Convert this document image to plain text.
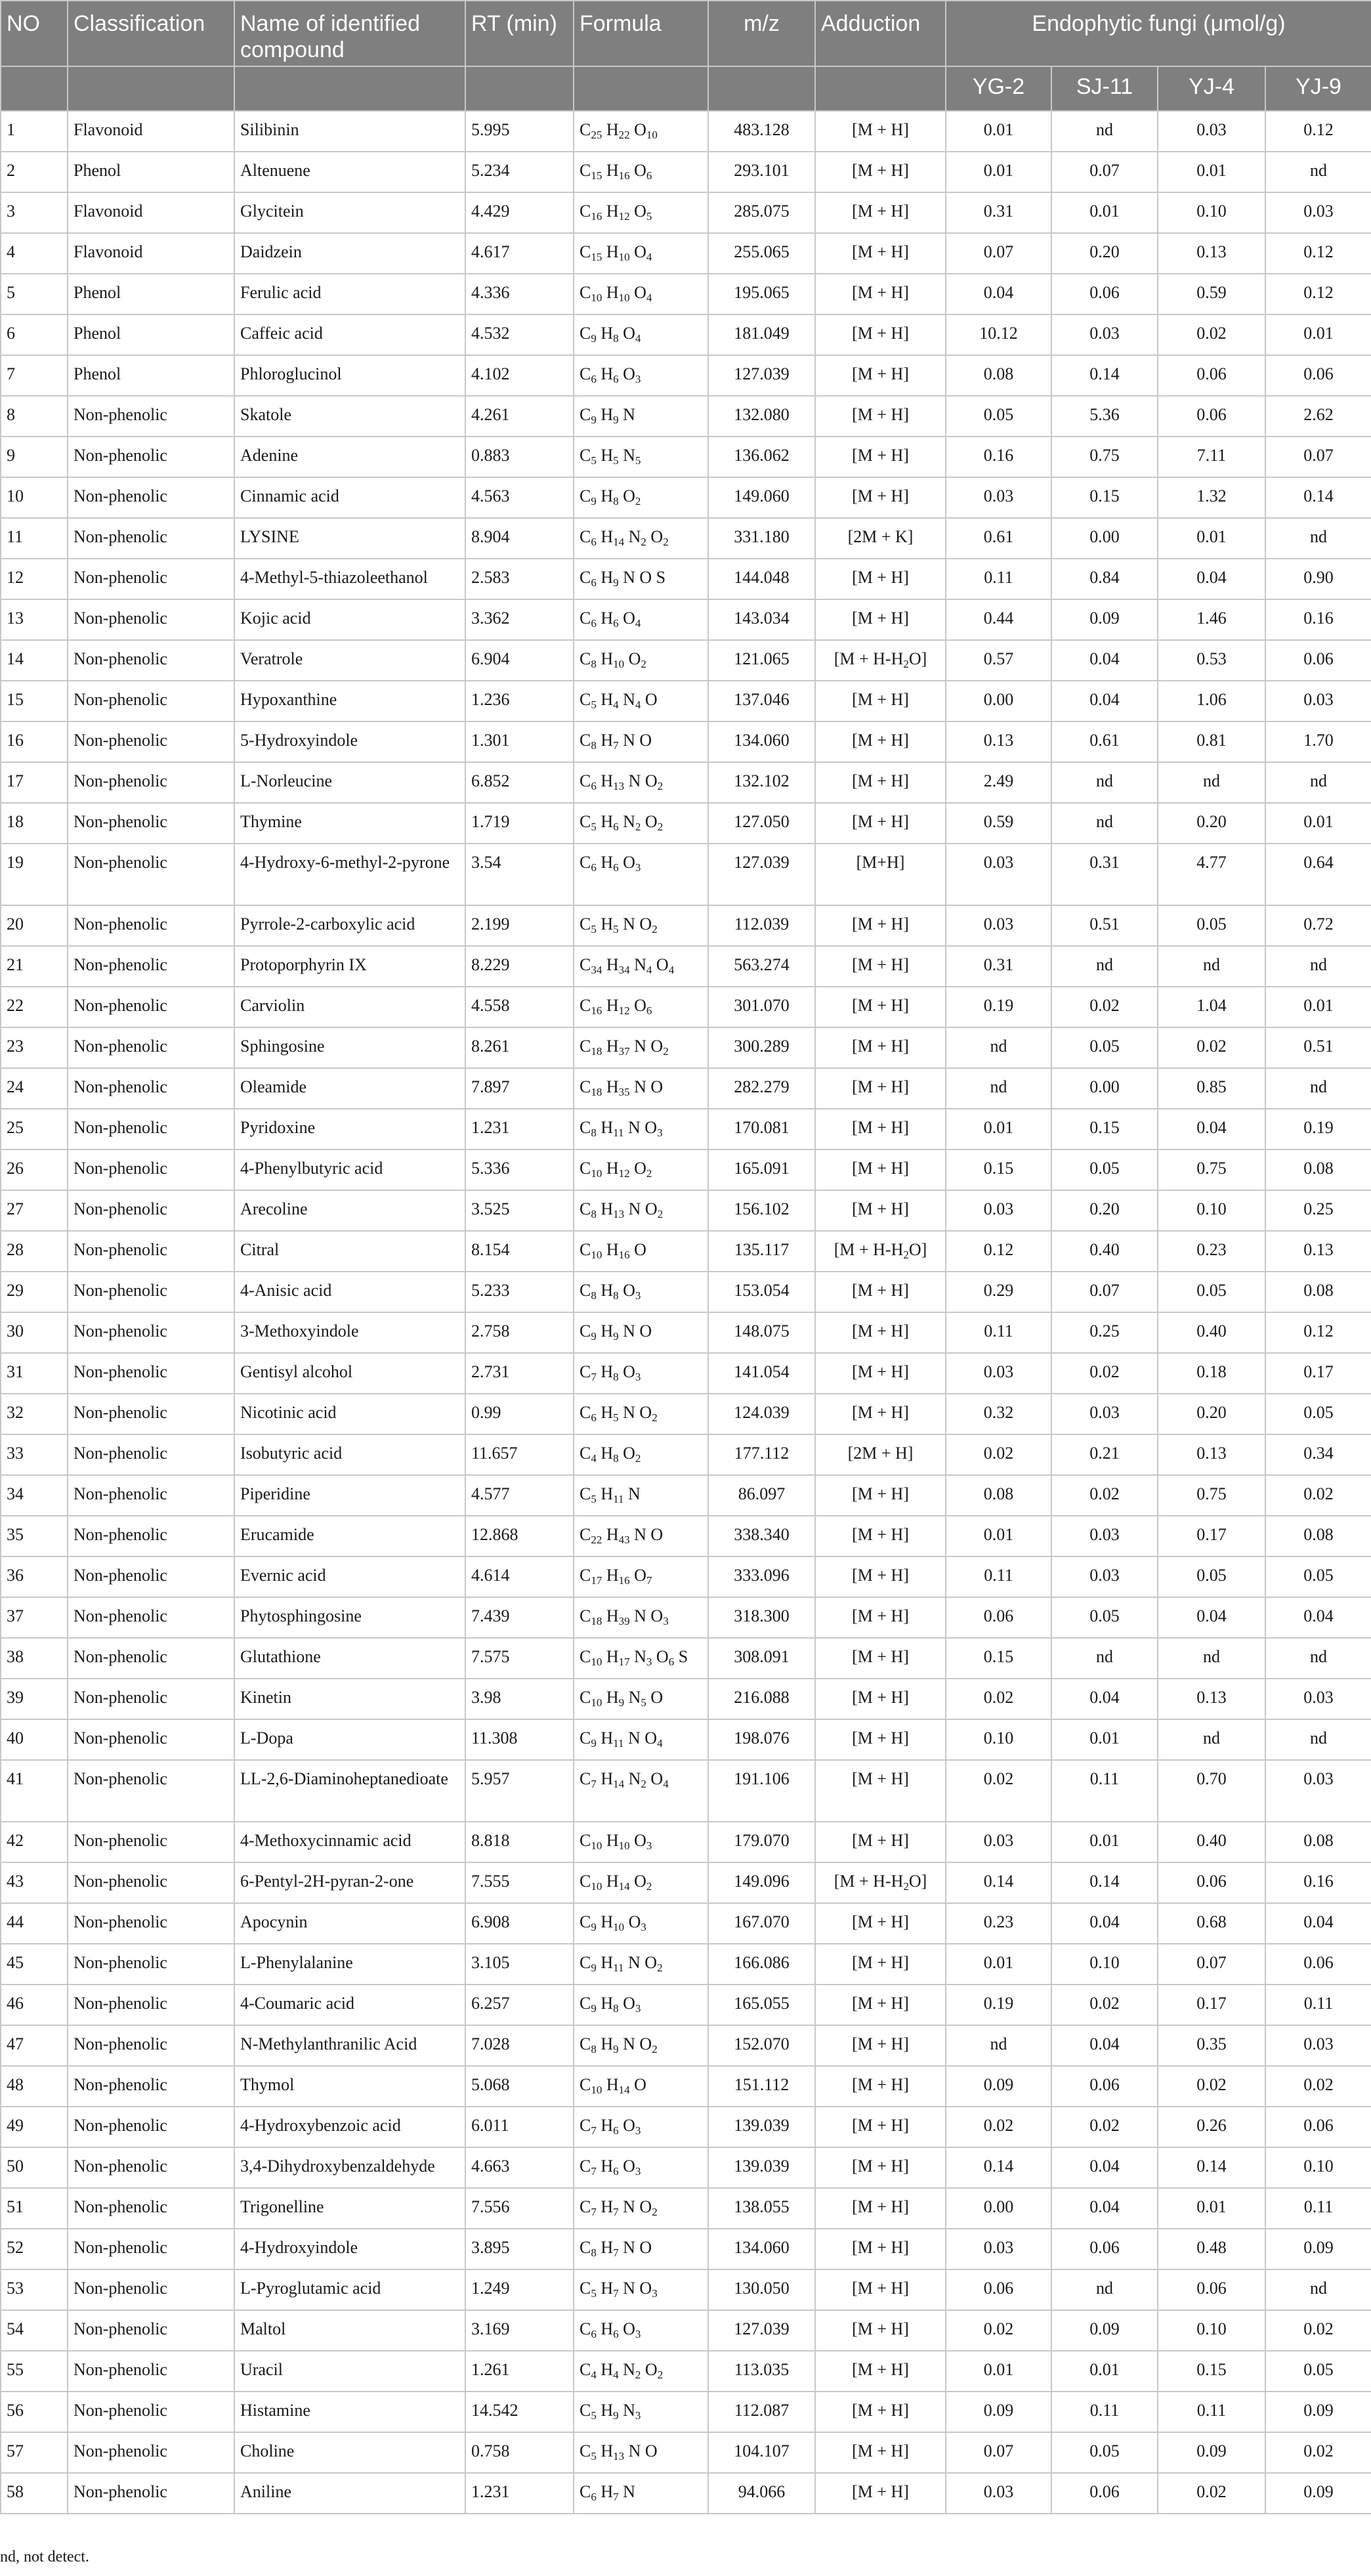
NO	Classification	Name of identified compound	RT (min)	Formula	m/z	Adduction	Endophytic fungi (μmol/g)			
							YG-2	SJ-11	YJ-4	YJ-9
1	Flavonoid	Silibinin	5.995	$C_{25}$ $H_{22}$ $O_{10}$	483.128	[M + H]	0.01	nd	0.03	0.12
2	Phenol	Altenuene	5.234	$C_{15}$ $H_{16}$ $O_6$	293.101	[M + H]	0.01	0.07	0.01	nd
3	Flavonoid	Glycitein	4.429	$C_{16}$ $H_{12}$ $O_5$	285.075	[M + H]	0.31	0.01	0.10	0.03
4	Flavonoid	Daidzein	4.617	$C_{15}$ $H_{10}$ $O_4$	255.065	[M + H]	0.07	0.20	0.13	0.12
5	Phenol	Ferulic acid	4.336	$C_{10}$ $H_{10}$ $O_4$	195.065	[M + H]	0.04	0.06	0.59	0.12
6	Phenol	Caffeic acid	4.532	$C_9$ $H_8$ $O_4$	181.049	[M + H]	10.12	0.03	0.02	0.01
7	Phenol	Phloroglucinol	4.102	$C_6$ $H_6$ $O_3$	127.039	[M + H]	0.08	0.14	0.06	0.06
8	Non-phenolic	Skatole	4.261	$C_9$ $H_9$ N	132.080	[M + H]	0.05	5.36	0.06	2.62
9	Non-phenolic	Adenine	0.883	$C_5$ $H_5$ $N_5$	136.062	[M + H]	0.16	0.75	7.11	0.07
10	Non-phenolic	Cinnamic acid	4.563	$C_9$ $H_8$ $O_2$	149.060	[M + H]	0.03	0.15	1.32	0.14
11	Non-phenolic	LYSINE	8.904	$C_6$ $H_{14}$ $N_2$ $O_2$	331.180	[2M + K]	0.61	0.00	0.01	nd
12	Non-phenolic	4-Methyl-5-thiazoleethanol	2.583	$C_6$ $H_9$ N O S	144.048	[M + H]	0.11	0.84	0.04	0.90
13	Non-phenolic	Kojic acid	3.362	$C_6$ $H_6$ $O_4$	143.034	[M + H]	0.44	0.09	1.46	0.16
14	Non-phenolic	Veratrole	6.904	$C_8$ $H_{10}$ $O_2$	121.065	$[M + H-H_2O]$	0.57	0.04	0.53	0.06
15	Non-phenolic	Hypoxanthine	1.236	$C_5$ $H_4$ $N_4$ O	137.046	[M + H]	0.00	0.04	1.06	0.03
16	Non-phenolic	5-Hydroxyindole	1.301	$C_8$ $H_7$ N O	134.060	[M + H]	0.13	0.61	0.81	1.70
17	Non-phenolic	L-Norleucine	6.852	$C_6$ $H_{13}$ N $O_2$	132.102	[M + H]	2.49	nd	nd	nd
18	Non-phenolic	Thymine	1.719	$C_5$ $H_6$ $N_2$ $O_2$	127.050	[M + H]	0.59	nd	0.20	0.01
19	Non-phenolic	4-Hydroxy-6-methyl-2-pyrone	3.54	$C_6$ $H_6$ $O_3$	127.039	[M+H]	0.03	0.31	4.77	0.64
20	Non-phenolic	Pyrrole-2-carboxylic acid	2.199	$C_5$ $H_5$ N $O_2$	112.039	[M + H]	0.03	0.51	0.05	0.72
21	Non-phenolic	Protoporphyrin IX	8.229	$C_{34}$ $H_{34}$ $N_4$ $O_4$	563.274	[M + H]	0.31	nd	nd	nd
22	Non-phenolic	Carviolin	4.558	$C_{16}$ $H_{12}$ $O_6$	301.070	[M + H]	0.19	0.02	1.04	0.01
23	Non-phenolic	Sphingosine	8.261	$C_{18}$ $H_{37}$ N $O_2$	300.289	[M + H]	nd	0.05	0.02	0.51
24	Non-phenolic	Oleamide	7.897	$C_{18}$ $H_{35}$ N O	282.279	[M + H]	nd	0.00	0.85	nd
25	Non-phenolic	Pyridoxine	1.231	$C_8$ $H_{11}$ N $O_3$	170.081	[M + H]	0.01	0.15	0.04	0.19
26	Non-phenolic	4-Phenylbutyric acid	5.336	$C_{10}$ $H_{12}$ $O_2$	165.091	[M + H]	0.15	0.05	0.75	0.08
27	Non-phenolic	Arecoline	3.525	$C_8$ $H_{13}$ N $O_2$	156.102	[M + H]	0.03	0.20	0.10	0.25
28	Non-phenolic	Citral	8.154	$C_{10}$ $H_{16}$ O	135.117	$[M + H-H_2O]$	0.12	0.40	0.23	0.13
29	Non-phenolic	4-Anisic acid	5.233	$C_8$ $H_8$ $O_3$	153.054	[M + H]	0.29	0.07	0.05	0.08
30	Non-phenolic	3-Methoxyindole	2.758	$C_9$ $H_9$ N O	148.075	[M + H]	0.11	0.25	0.40	0.12
31	Non-phenolic	Gentisyl alcohol	2.731	$C_7$ $H_8$ $O_3$	141.054	[M + H]	0.03	0.02	0.18	0.17
32	Non-phenolic	Nicotinic acid	0.99	$C_6$ $H_5$ N $O_2$	124.039	[M + H]	0.32	0.03	0.20	0.05
33	Non-phenolic	Isobutyric acid	11.657	$C_4$ $H_8$ $O_2$	177.112	[2M + H]	0.02	0.21	0.13	0.34
34	Non-phenolic	Piperidine	4.577	$C_5$ $H_{11}$ N	86.097	[M + H]	0.08	0.02	0.75	0.02
35	Non-phenolic	Erucamide	12.868	$C_{22}$ $H_{43}$ N O	338.340	[M + H]	0.01	0.03	0.17	0.08
36	Non-phenolic	Evernic acid	4.614	$C_{17}$ $H_{16}$ $O_7$	333.096	[M + H]	0.11	0.03	0.05	0.05
37	Non-phenolic	Phytosphingosine	7.439	$C_{18}$ $H_{39}$ N $O_3$	318.300	[M + H]	0.06	0.05	0.04	0.04
38	Non-phenolic	Glutathione	7.575	$C_{10}$ $H_{17}$ $N_3$ $O_6$ S	308.091	[M + H]	0.15	nd	nd	nd
39	Non-phenolic	Kinetin	3.98	$C_{10}$ $H_9$ $N_5$ O	216.088	[M + H]	0.02	0.04	0.13	0.03
40	Non-phenolic	L-Dopa	11.308	$C_9$ $H_{11}$ N $O_4$	198.076	[M + H]	0.10	0.01	nd	nd
41	Non-phenolic	LL-2,6-Diaminoheptanedioate	5.957	$C_7$ $H_{14}$ $N_2$ $O_4$	191.106	[M + H]	0.02	0.11	0.70	0.03
42	Non-phenolic	4-Methoxycinnamic acid	8.818	$C_{10}$ $H_{10}$ $O_3$	179.070	[M + H]	0.03	0.01	0.40	0.08
43	Non-phenolic	6-Pentyl-2H-pyran-2-one	7.555	$C_{10}$ $H_{14}$ $O_2$	149.096	$[M + H-H_2O]$	0.14	0.14	0.06	0.16
44	Non-phenolic	Apocynin	6.908	$C_9$ $H_{10}$ $O_3$	167.070	[M + H]	0.23	0.04	0.68	0.04
45	Non-phenolic	L-Phenylalanine	3.105	$C_9$ $H_{11}$ N $O_2$	166.086	[M + H]	0.01	0.10	0.07	0.06
46	Non-phenolic	4-Coumaric acid	6.257	$C_9$ $H_8$ $O_3$	165.055	[M + H]	0.19	0.02	0.17	0.11
47	Non-phenolic	N-Methylanthranilic Acid	7.028	$C_8$ $H_9$ N $O_2$	152.070	[M + H]	nd	0.04	0.35	0.03
48	Non-phenolic	Thymol	5.068	$C_{10}$ $H_{14}$ O	151.112	[M + H]	0.09	0.06	0.02	0.02
49	Non-phenolic	4-Hydroxybenzoic acid	6.011	$C_7$ $H_6$ $O_3$	139.039	[M + H]	0.02	0.02	0.26	0.06
50	Non-phenolic	3,4-Dihydroxybenzaldehyde	4.663	$C_7$ $H_6$ $O_3$	139.039	[M + H]	0.14	0.04	0.14	0.10
51	Non-phenolic	Trigonelline	7.556	$C_7$ $H_7$ N $O_2$	138.055	[M + H]	0.00	0.04	0.01	0.11
52	Non-phenolic	4-Hydroxyindole	3.895	$C_8$ $H_7$ N O	134.060	[M + H]	0.03	0.06	0.48	0.09
53	Non-phenolic	L-Pyroglutamic acid	1.249	$C_5$ $H_7$ N $O_3$	130.050	[M + H]	0.06	nd	0.06	nd
54	Non-phenolic	Maltol	3.169	$C_6$ $H_6$ $O_3$	127.039	[M + H]	0.02	0.09	0.10	0.02
55	Non-phenolic	Uracil	1.261	$C_4$ $H_4$ $N_2$ $O_2$	113.035	[M + H]	0.01	0.01	0.15	0.05
56	Non-phenolic	Histamine	14.542	$C_5$ $H_9$ $N_3$	112.087	[M + H]	0.09	0.11	0.11	0.09
57	Non-phenolic	Choline	0.758	$C_5$ $H_{13}$ N O	104.107	[M + H]	0.07	0.05	0.09	0.02
58	Non-phenolic	Aniline	1.231	$C_6$ $H_7$ N	94.066	[M + H]	0.03	0.06	0.02	0.09
nd, not detect.
